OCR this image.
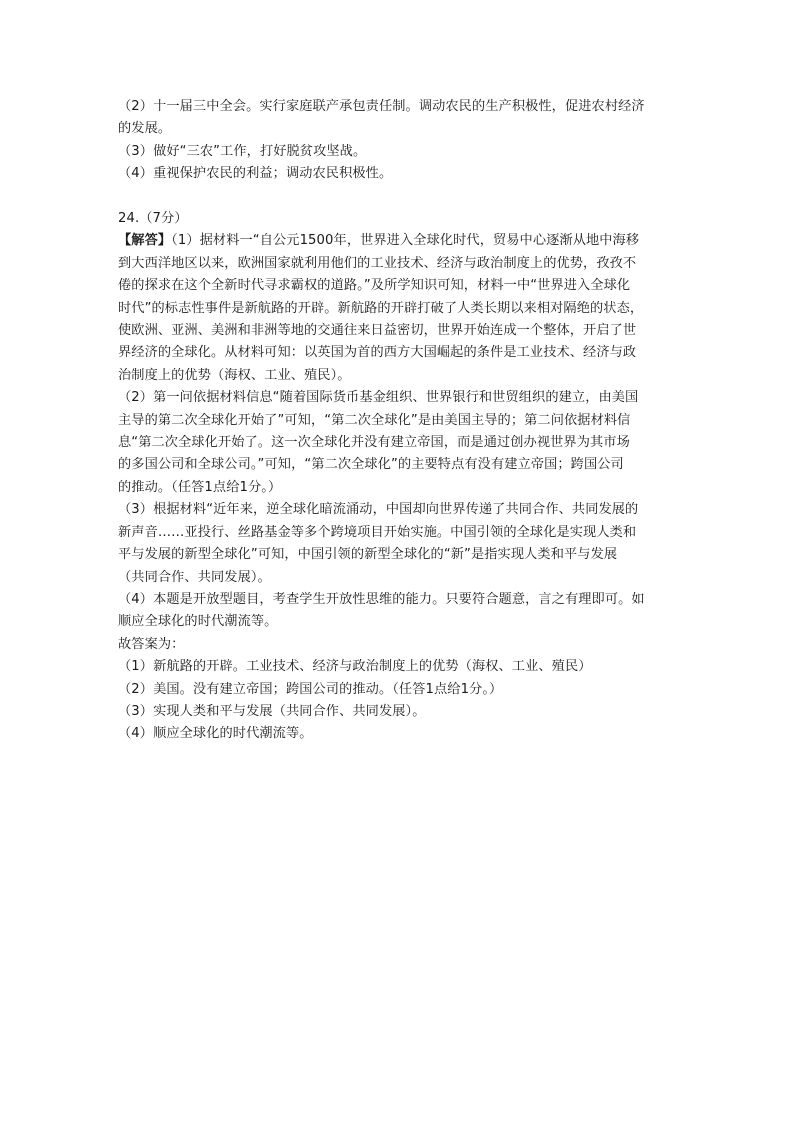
（2）十一届三中全会。实行家庭联产承包责任制。调动农民的生产积极性，促进农村经济
的发展。
（3）做好“三农”工作，打好脱贫攻坚战。
（4）重视保护农民的利益；调动农民积极性。
24.（7分）
【解答】（1）据材料一“自公元1500年，世界进入全球化时代，贸易中心逐渐从地中海移
到大西洋地区以来，欧洲国家就利用他们的工业技术、经济与政治制度上的优势，孜孜不
倦的探求在这个全新时代寻求霸权的道路。”及所学知识可知，材料一中“世界进入全球化
时代”的标志性事件是新航路的开辟。新航路的开辟打破了人类长期以来相对隔绝的状态，
使欧洲、亚洲、美洲和非洲等地的交通往来日益密切，世界开始连成一个整体，开启了世
界经济的全球化。从材料可知：以英国为首的西方大国崛起的条件是工业技术、经济与政
治制度上的优势（海权、工业、殖民）。
（2）第一问依据材料信息“随着国际货币基金组织、世界银行和世贸组织的建立，由美国
主导的第二次全球化开始了”可知，“第二次全球化”是由美国主导的；第二问依据材料信
息“第二次全球化开始了。这一次全球化并没有建立帝国，而是通过创办视世界为其市场
的多国公司和全球公司。”可知，“第二次全球化”的主要特点有没有建立帝国；跨国公司
的推动。（任答1点给1分。）
（3）根据材料“近年来，逆全球化暗流涌动，中国却向世界传递了共同合作、共同发展的
新声音……亚投行、丝路基金等多个跨境项目开始实施。中国引领的全球化是实现人类和
平与发展的新型全球化”可知，中国引领的新型全球化的“新”是指实现人类和平与发展
（共同合作、共同发展）。
（4）本题是开放型题目，考查学生开放性思维的能力。只要符合题意，言之有理即可。如
顺应全球化的时代潮流等。
故答案为：
（1）新航路的开辟。工业技术、经济与政治制度上的优势（海权、工业、殖民）
（2）美国。没有建立帝国；跨国公司的推动。（任答1点给1分。）
（3）实现人类和平与发展（共同合作、共同发展）。
（4）顺应全球化的时代潮流等。
